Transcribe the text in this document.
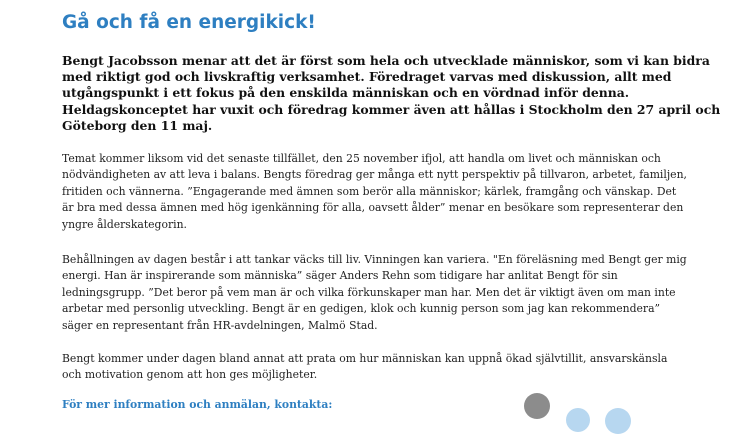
Gå och få en energikick!

Bengt Jacobsson menar att det är först som hela och utvecklade människor, som vi kan bidra
med riktigt god och livskraftig verksamhet. Föredraget varvas med diskussion, allt med
utgångspunkt i ett fokus på den enskilda människan och en vördnad inför denna.
Heldagskonceptet har vuxit och föredrag kommer även att hållas i Stockholm den 27 april och
Göteborg den 11 maj.

Temat kommer liksom vid det senaste tillfället, den 25 november ifjol, att handla om livet och människan och
nödvändigheten av att leva i balans. Bengts föredrag ger många ett nytt perspektiv på tillvaron, arbetet, familjen,
fritiden och vännerna. ”Engagerande med ämnen som berör alla människor; kärlek, framgång och vänskap. Det
är bra med dessa ämnen med hög igenkänning för alla, oavsett ålder” menar en besökare som representerar den
yngre ålderskategorin.

Behållningen av dagen består i att tankar väcks till liv. Vinningen kan variera. "En föreläsning med Bengt ger mig
energi. Han är inspirerande som människa” säger Anders Rehn som tidigare har anlitat Bengt för sin
ledningsgrupp. ”Det beror på vem man är och vilka förkunskaper man har. Men det är viktigt även om man inte
arbetar med personlig utveckling. Bengt är en gedigen, klok och kunnig person som jag kan rekommendera”
säger en representant från HR-avdelningen, Malmö Stad.

Bengt kommer under dagen bland annat att prata om hur människan kan uppnå ökad självtillit, ansvarskänsla
och motivation genom att hon ges möjligheter.

För mer information och anmälan, kontakta:
